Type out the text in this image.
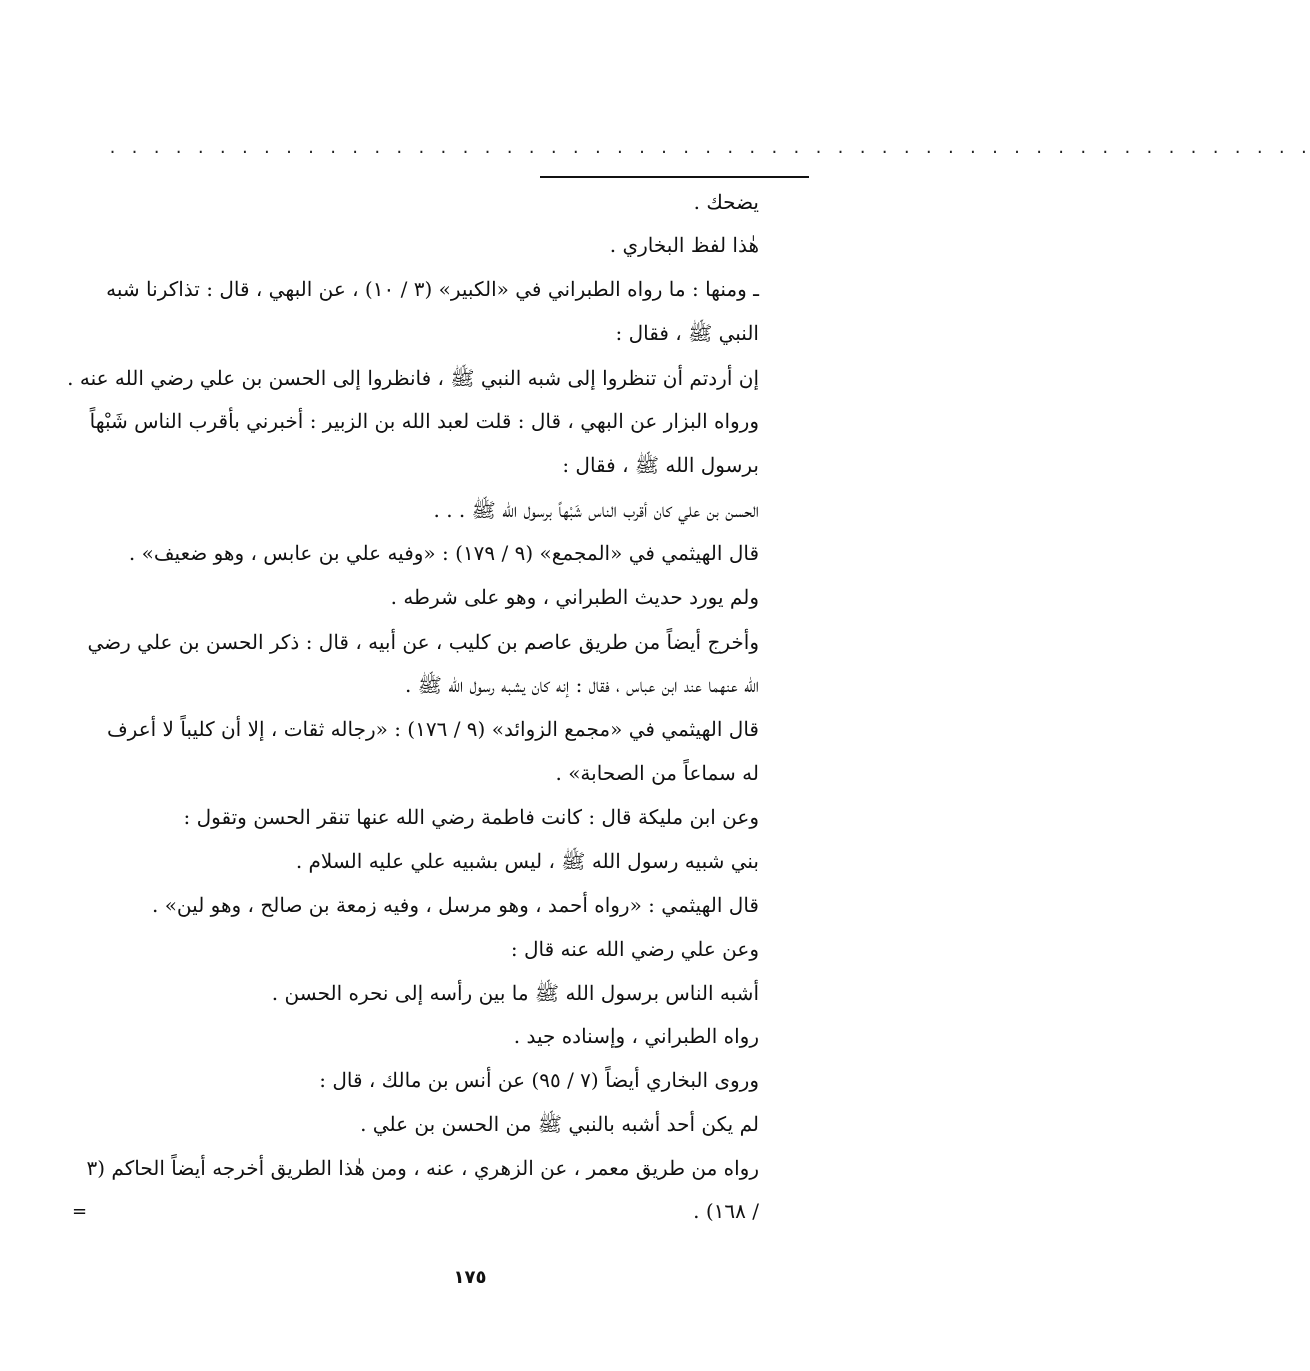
. . . . . . . . . . . . . . . . . . . . . . . . . . . . . . . . . . . . . . . . . . . . . . . . . . . . . . .
يضحك .
هٰذا لفظ البخاري .
ـ ومنها : ما رواه الطبراني في «الكبير» (٣ / ١٠) ، عن البهي ، قال : تذاكرنا شبه
النبي ﷺ ، فقال :
إن أردتم أن تنظروا إلى شبه النبي ﷺ ، فانظروا إلى الحسن بن علي رضي الله عنه .
ورواه البزار عن البهي ، قال : قلت لعبد الله بن الزبير : أخبرني بأقرب الناس شَبْهاً
برسول الله ﷺ ، فقال :
الحسن بن علي كان أقرب الناس شَبْهاً برسول الله ﷺ . . .
قال الهيثمي في «المجمع» (٩ / ١٧٩) : «وفيه علي بن عابس ، وهو ضعيف» .
ولم يورد حديث الطبراني ، وهو على شرطه .
وأخرج أيضاً من طريق عاصم بن كليب ، عن أبيه ، قال : ذكر الحسن بن علي رضي
الله عنهما عند ابن عباس ، فقال : إنه كان يشبه رسول الله ﷺ .
قال الهيثمي في «مجمع الزوائد» (٩ / ١٧٦) : «رجاله ثقات ، إلا أن كليباً لا أعرف
له سماعاً من الصحابة» .
وعن ابن مليكة قال : كانت فاطمة رضي الله عنها تنقر الحسن وتقول :
بني شبيه رسول الله ﷺ ، ليس بشبيه علي عليه السلام .
قال الهيثمي : «رواه أحمد ، وهو مرسل ، وفيه زمعة بن صالح ، وهو لين» .
وعن علي رضي الله عنه قال :
أشبه الناس برسول الله ﷺ ما بين رأسه إلى نحره الحسن .
رواه الطبراني ، وإسناده جيد .
وروى البخاري أيضاً (٧ / ٩٥) عن أنس بن مالك ، قال :
لم يكن أحد أشبه بالنبي ﷺ من الحسن بن علي .
رواه من طريق معمر ، عن الزهري ، عنه ، ومن هٰذا الطريق أخرجه أيضاً الحاكم (٣
/ ١٦٨) .
=
١٧٥
